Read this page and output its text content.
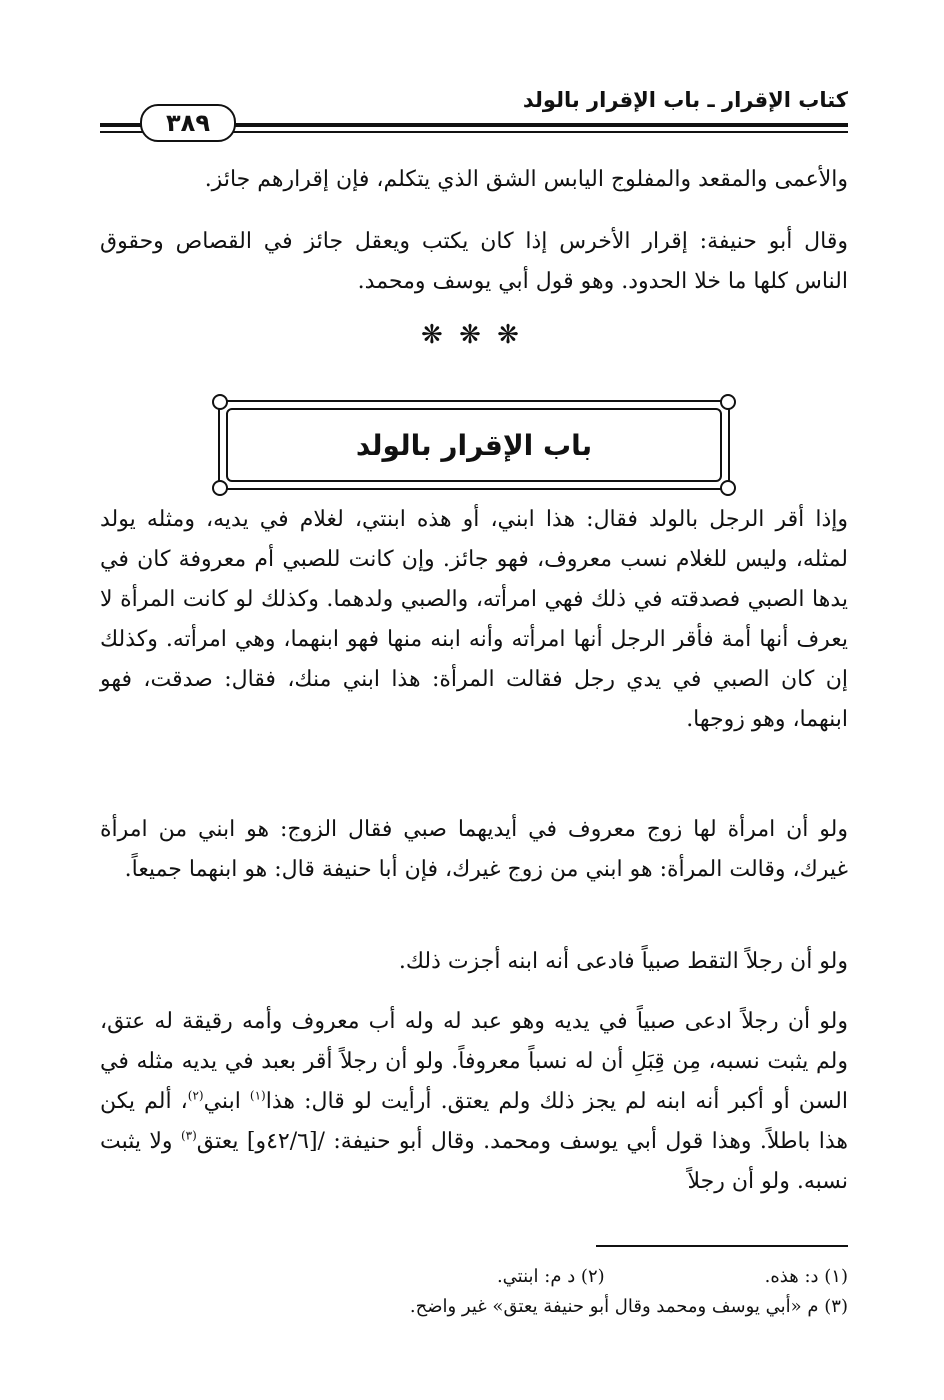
كتاب الإقرار ـ باب الإقرار بالولد
٣٨٩

والأعمى والمقعد والمفلوج اليابس الشق الذي يتكلم، فإن إقرارهم جائز.

وقال أبو حنيفة: إقرار الأخرس إذا كان يكتب ويعقل جائز في القصاص وحقوق الناس كلها ما خلا الحدود. وهو قول أبي يوسف ومحمد.

❋ ❋ ❋
باب الإقرار بالولد

وإذا أقر الرجل بالولد فقال: هذا ابني، أو هذه ابنتي، لغلام في يديه، ومثله يولد لمثله، وليس للغلام نسب معروف، فهو جائز. وإن كانت للصبي أم معروفة كان في يدها الصبي فصدقته في ذلك فهي امرأته، والصبي ولدهما. وكذلك لو كانت المرأة لا يعرف أنها أمة فأقر الرجل أنها امرأته وأنه ابنه منها فهو ابنهما، وهي امرأته. وكذلك إن كان الصبي في يدي رجل فقالت المرأة: هذا ابني منك، فقال: صدقت، فهو ابنهما، وهو زوجها.

ولو أن امرأة لها زوج معروف في أيديهما صبي فقال الزوج: هو ابني من امرأة غيرك، وقالت المرأة: هو ابني من زوج غيرك، فإن أبا حنيفة قال: هو ابنهما جميعاً.

ولو أن رجلاً التقط صبياً فادعى أنه ابنه أجزت ذلك.

ولو أن رجلاً ادعى صبياً في يديه وهو عبد له وله أب معروف وأمه رقيقة له عتق، ولم يثبت نسبه، مِن قِبَلِ أن له نسباً معروفاً. ولو أن رجلاً أقر بعبد في يديه مثله في السن أو أكبر أنه ابنه لم يجز ذلك ولم يعتق. أرأيت لو قال: هذا$^{(١)}$ ابني$^{(٢)}$، ألم يكن هذا باطلاً. وهذا قول أبي يوسف ومحمد. وقال أبو حنيفة: /[٤٢/٦و] يعتق$^{(٣)}$ ولا يثبت نسبه. ولو أن رجلاً

(١) د: هذه.
(٢) د م: ابنتي.
(٣) م «أبي يوسف ومحمد وقال أبو حنيفة يعتق» غير واضح.
